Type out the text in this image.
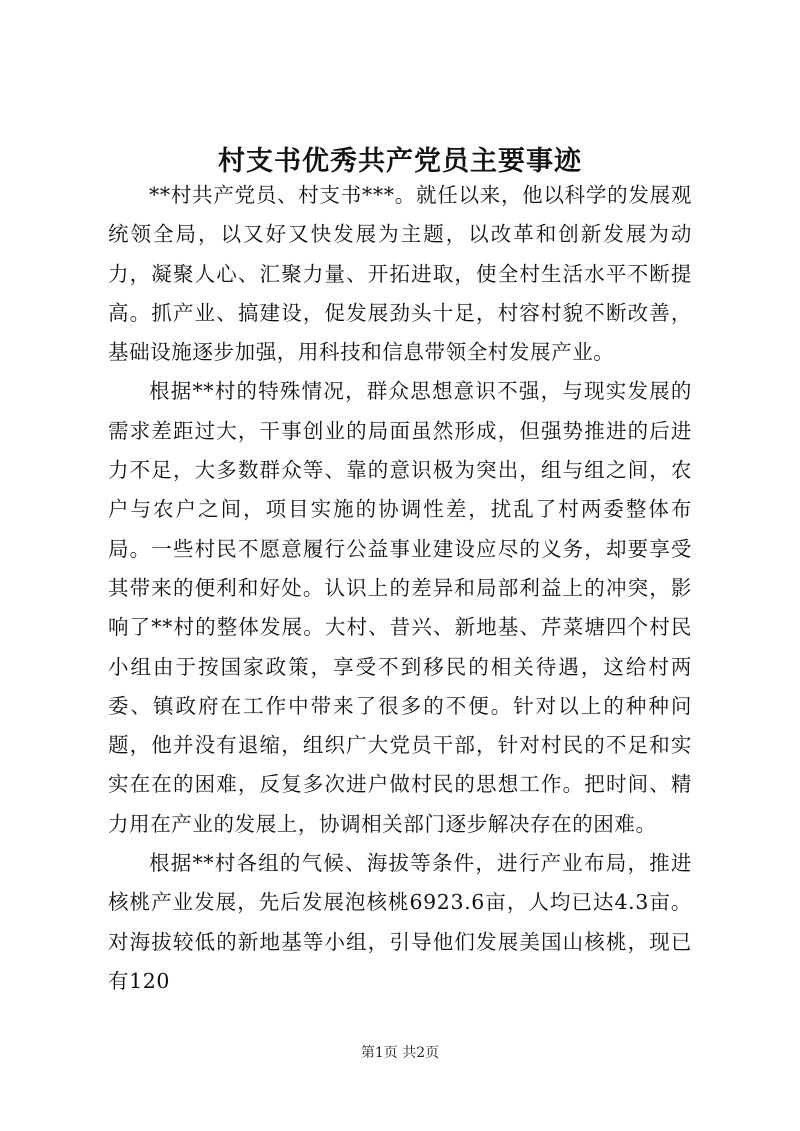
村支书优秀共产党员主要事迹

**村共产党员、村支书***。就任以来，他以科学的发展观统领全局，以又好又快发展为主题，以改革和创新发展为动力，凝聚人心、汇聚力量、开拓进取，使全村生活水平不断提高。抓产业、搞建设，促发展劲头十足，村容村貌不断改善，基础设施逐步加强，用科技和信息带领全村发展产业。

根据**村的特殊情况，群众思想意识不强，与现实发展的需求差距过大，干事创业的局面虽然形成，但强势推进的后进力不足，大多数群众等、靠的意识极为突出，组与组之间，农户与农户之间，项目实施的协调性差，扰乱了村两委整体布局。一些村民不愿意履行公益事业建设应尽的义务，却要享受其带来的便利和好处。认识上的差异和局部利益上的冲突，影响了**村的整体发展。大村、昔兴、新地基、芹菜塘四个村民小组由于按国家政策，享受不到移民的相关待遇，这给村两委、镇政府在工作中带来了很多的不便。针对以上的种种问题，他并没有退缩，组织广大党员干部，针对村民的不足和实实在在的困难，反复多次进户做村民的思想工作。把时间、精力用在产业的发展上，协调相关部门逐步解决存在的困难。

根据**村各组的气候、海拔等条件，进行产业布局，推进核桃产业发展，先后发展泡核桃6923.6亩，人均已达4.3亩。对海拔较低的新地基等小组，引导他们发展美国山核桃，现已有120

第1页 共2页
